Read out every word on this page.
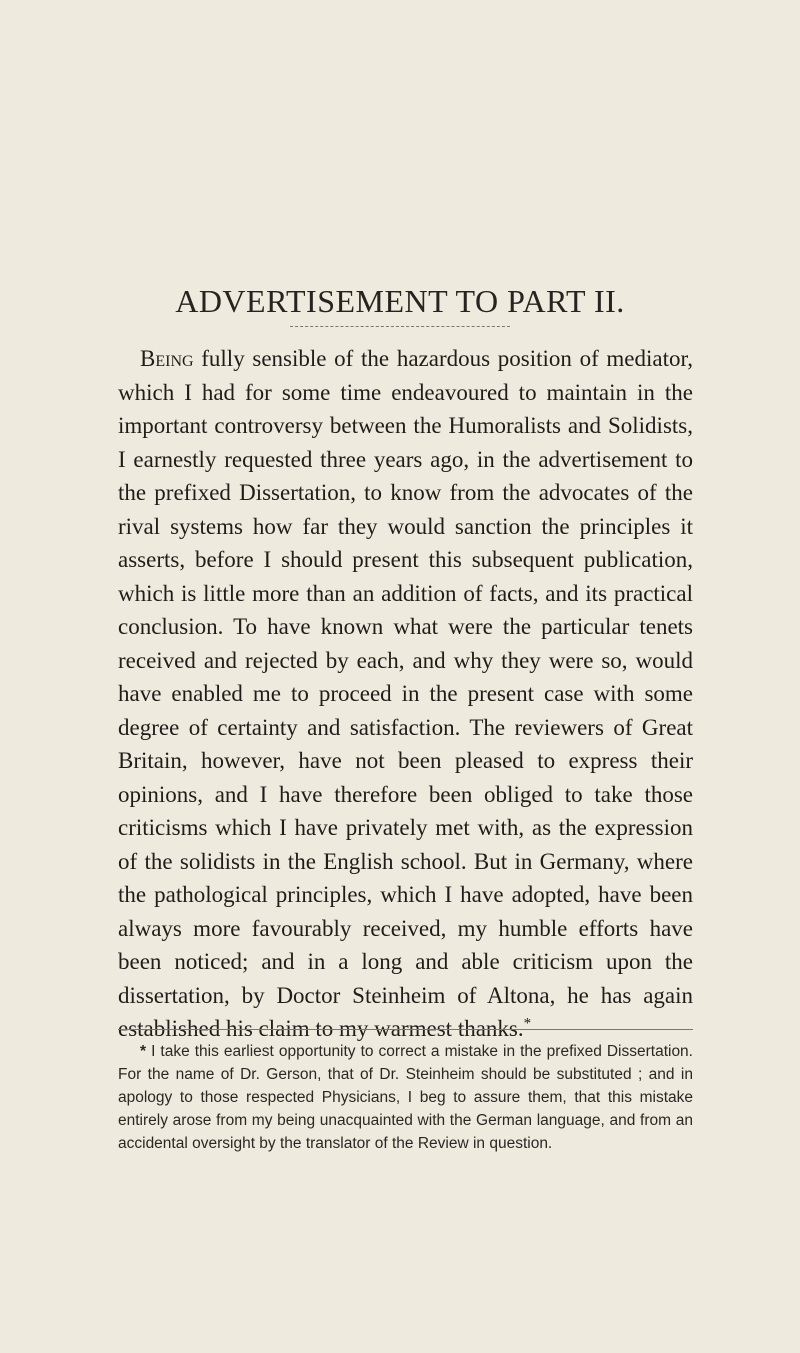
ADVERTISEMENT TO PART II.

Being fully sensible of the hazardous position of mediator, which I had for some time endeavoured to maintain in the important controversy between the Humoralists and Solidists, I earnestly requested three years ago, in the advertisement to the prefixed Dissertation, to know from the advocates of the rival systems how far they would sanction the principles it asserts, before I should present this subsequent publication, which is little more than an addition of facts, and its practical conclusion. To have known what were the particular tenets received and rejected by each, and why they were so, would have enabled me to proceed in the present case with some degree of certainty and satisfaction. The reviewers of Great Britain, however, have not been pleased to express their opinions, and I have therefore been obliged to take those criticisms which I have privately met with, as the expression of the solidists in the English school. But in Germany, where the pathological principles, which I have adopted, have been always more favourably received, my humble efforts have been noticed; and in a long and able criticism upon the dissertation, by Doctor Steinheim of Altona, he has again established his claim to my warmest thanks.*

* I take this earliest opportunity to correct a mistake in the prefixed Dissertation. For the name of Dr. Gerson, that of Dr. Steinheim should be substituted ; and in apology to those respected Physicians, I beg to assure them, that this mistake entirely arose from my being unacquainted with the German language, and from an accidental oversight by the translator of the Review in question.
